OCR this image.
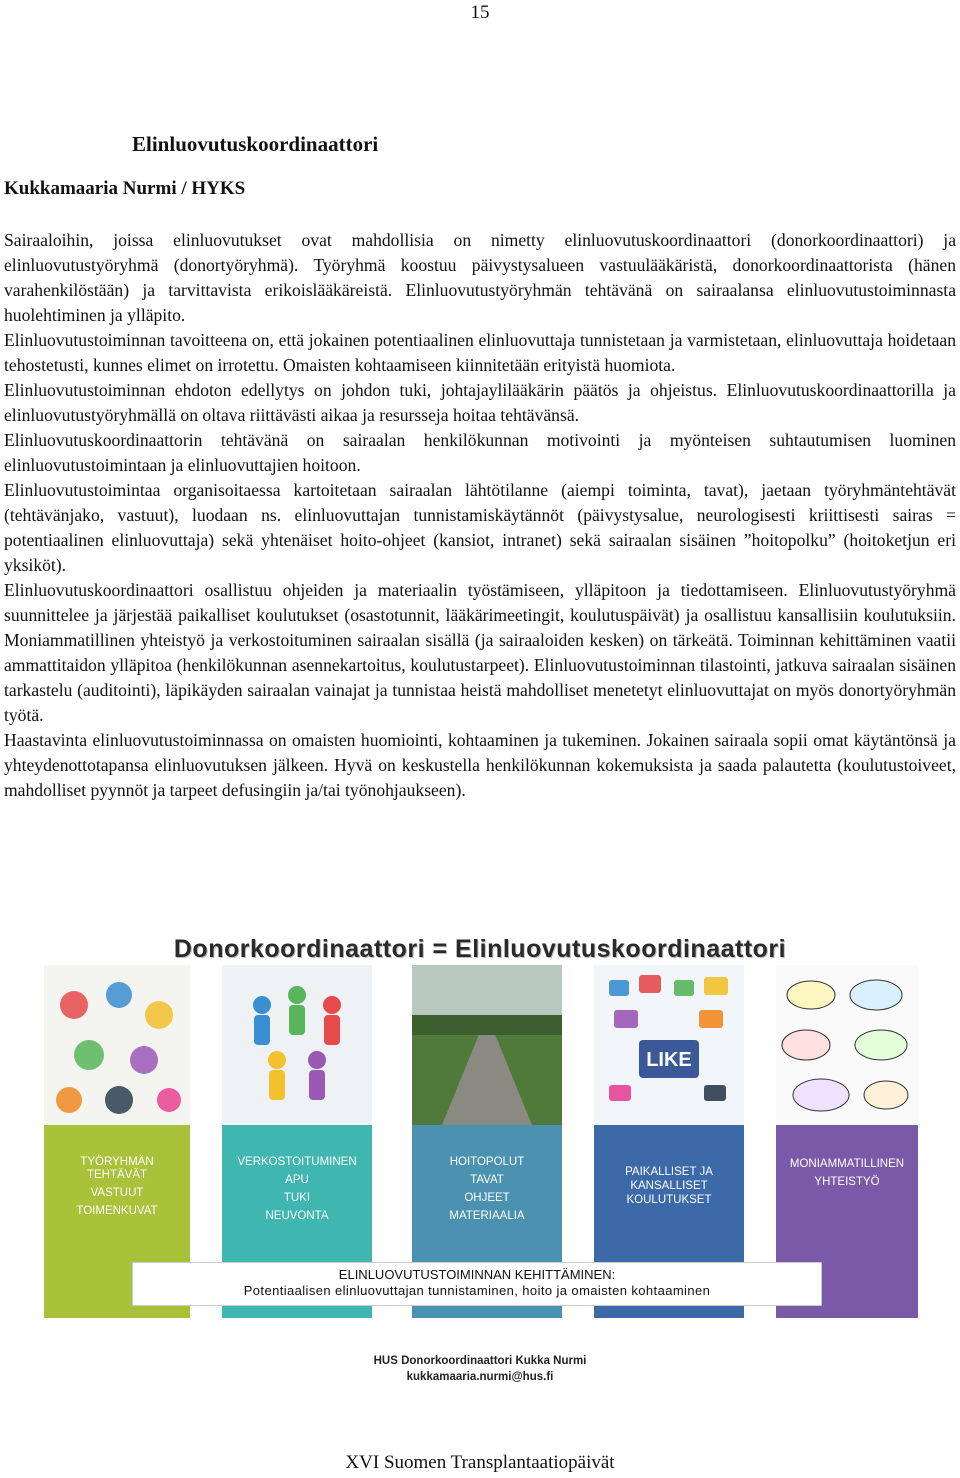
15
Elinluovutuskoordinaattori
Kukkamaaria Nurmi / HYKS

Sairaaloihin, joissa elinluovutukset ovat mahdollisia on nimetty elinluovutuskoordinaattori (donorkoordinaattori) ja elinluovutustyöryhmä (donortyöryhmä). Työryhmä koostuu päivystysalueen vastuulääkäristä, donorkoordinaattorista (hänen varahenkilöstään) ja tarvittavista erikoislääkäreistä. Elinluovutustyöryhmän tehtävänä on sairaalansa elinluovutustoiminnasta huolehtiminen ja ylläpito.

Elinluovutustoiminnan tavoitteena on, että jokainen potentiaalinen elinluovuttaja tunnistetaan ja varmistetaan, elinluovuttaja hoidetaan tehostetusti, kunnes elimet on irrotettu. Omaisten kohtaamiseen kiinnitetään erityistä huomiota.

Elinluovutustoiminnan ehdoton edellytys on johdon tuki, johtajaylilääkärin päätös ja ohjeistus. Elinluovutuskoordinaattorilla ja elinluovutustyöryhmällä on oltava riittävästi aikaa ja resursseja hoitaa tehtävänsä.

Elinluovutuskoordinaattorin tehtävänä on sairaalan henkilökunnan motivointi ja myönteisen suhtautumisen luominen elinluovutustoimintaan ja elinluovuttajien hoitoon.

Elinluovutustoimintaa organisoitaessa kartoitetaan sairaalan lähtötilanne (aiempi toiminta, tavat), jaetaan työryhmäntehtävät (tehtävänjako, vastuut), luodaan ns. elinluovuttajan tunnistamiskäytännöt (päivystysalue, neurologisesti kriittisesti sairas = potentiaalinen elinluovuttaja) sekä yhtenäiset hoito-ohjeet (kansiot, intranet) sekä sairaalan sisäinen ”hoitopolku” (hoitoketjun eri yksiköt).

Elinluovutuskoordinaattori osallistuu ohjeiden ja materiaalin työstämiseen, ylläpitoon ja tiedottamiseen. Elinluovutustyöryhmä suunnittelee ja järjestää paikalliset koulutukset (osastotunnit, lääkärimeetingit, koulutuspäivät) ja osallistuu kansallisiin koulutuksiin. Moniammatillinen yhteistyö ja verkostoituminen sairaalan sisällä (ja sairaaloiden kesken) on tärkeätä. Toiminnan kehittäminen vaatii ammattitaidon ylläpitoa (henkilökunnan asennekartoitus, koulutustarpeet). Elinluovutustoiminnan tilastointi, jatkuva sairaalan sisäinen tarkastelu (auditointi), läpikäyden sairaalan vainajat ja tunnistaa heistä mahdolliset menetetyt elinluovuttajat on myös donortyöryhmän työtä.

Haastavinta elinluovutustoiminnassa on omaisten huomiointi, kohtaaminen ja tukeminen. Jokainen sairaala sopii omat käytäntönsä ja yhteydenottotapansa elinluovutuksen jälkeen. Hyvä on keskustella henkilökunnan kokemuksista ja saada palautetta (koulutustoiveet, mahdolliset pyynnöt ja tarpeet defusingiin ja/tai työnohjaukseen).

Donorkoordinaattori = Elinluovutuskoordinaattori
TYÖRYHMÄN
TEHTÄVÄT
VASTUUT
TOIMENKUVAT
VERKOSTOITUMINEN
APU
TUKI
NEUVONTA
HOITOPOLUT
TAVAT
OHJEET
MATERIAALIA
LIKE
PAIKALLISET JA
KANSALLISET
KOULUTUKSET
MONIAMMATILLINEN
YHTEISTYÖ
ELINLUOVUTUSTOIMINNAN KEHITTÄMINEN:
Potentiaalisen elinluovuttajan tunnistaminen, hoito ja omaisten kohtaaminen
HUS Donorkoordinaattori Kukka Nurmi
kukkamaaria.nurmi@hus.fi
XVI Suomen Transplantaatiopäivät
